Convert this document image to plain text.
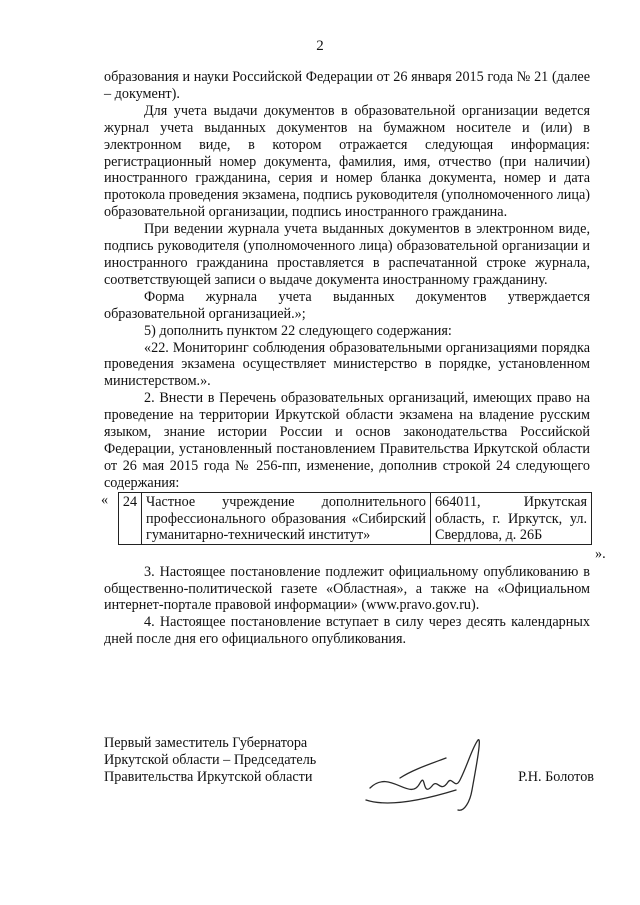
2

образования и науки Российской Федерации от 26 января 2015 года № 21 (далее – документ).

Для учета выдачи документов в образовательной организации ведется журнал учета выданных документов на бумажном носителе и (или) в электронном виде, в котором отражается следующая информация: регистрационный номер документа, фамилия, имя, отчество (при наличии) иностранного гражданина, серия и номер бланка документа, номер и дата протокола проведения экзамена, подпись руководителя (уполномоченного лица) образовательной организации, подпись иностранного гражданина.

При ведении журнала учета выданных документов в электронном виде, подпись руководителя (уполномоченного лица) образовательной организации и иностранного гражданина проставляется в распечатанной строке журнала, соответствующей записи о выдаче документа иностранному гражданину.

Форма журнала учета выданных документов утверждается образовательной организацией.»;

5) дополнить пунктом 22 следующего содержания:

«22. Мониторинг соблюдения образовательными организациями порядка проведения экзамена осуществляет министерство в порядке, установленном министерством.».

2. Внести в Перечень образовательных организаций, имеющих право на проведение на территории Иркутской области экзамена на владение русским языком, знание истории России и основ законодательства Российской Федерации, установленный постановлением Правительства Иркутской области от 26 мая 2015 года № 256-пп, изменение, дополнив строкой 24 следующего содержания:

« 24	Частное учреждение дополнительного профессионального образования «Сибирский гуманитарно-технический институт»	664011, Иркутская область, г. Иркутск, ул. Свердлова, д. 26Б
».

3. Настоящее постановление подлежит официальному опубликованию в общественно-политической газете «Областная», а также на «Официальном интернет-портале правовой информации» (www.pravo.gov.ru).

4. Настоящее постановление вступает в силу через десять календарных дней после дня его официального опубликования.

Первый заместитель Губернатора
Иркутской области – Председатель
Правительства Иркутской области	Р.Н. Болотов
